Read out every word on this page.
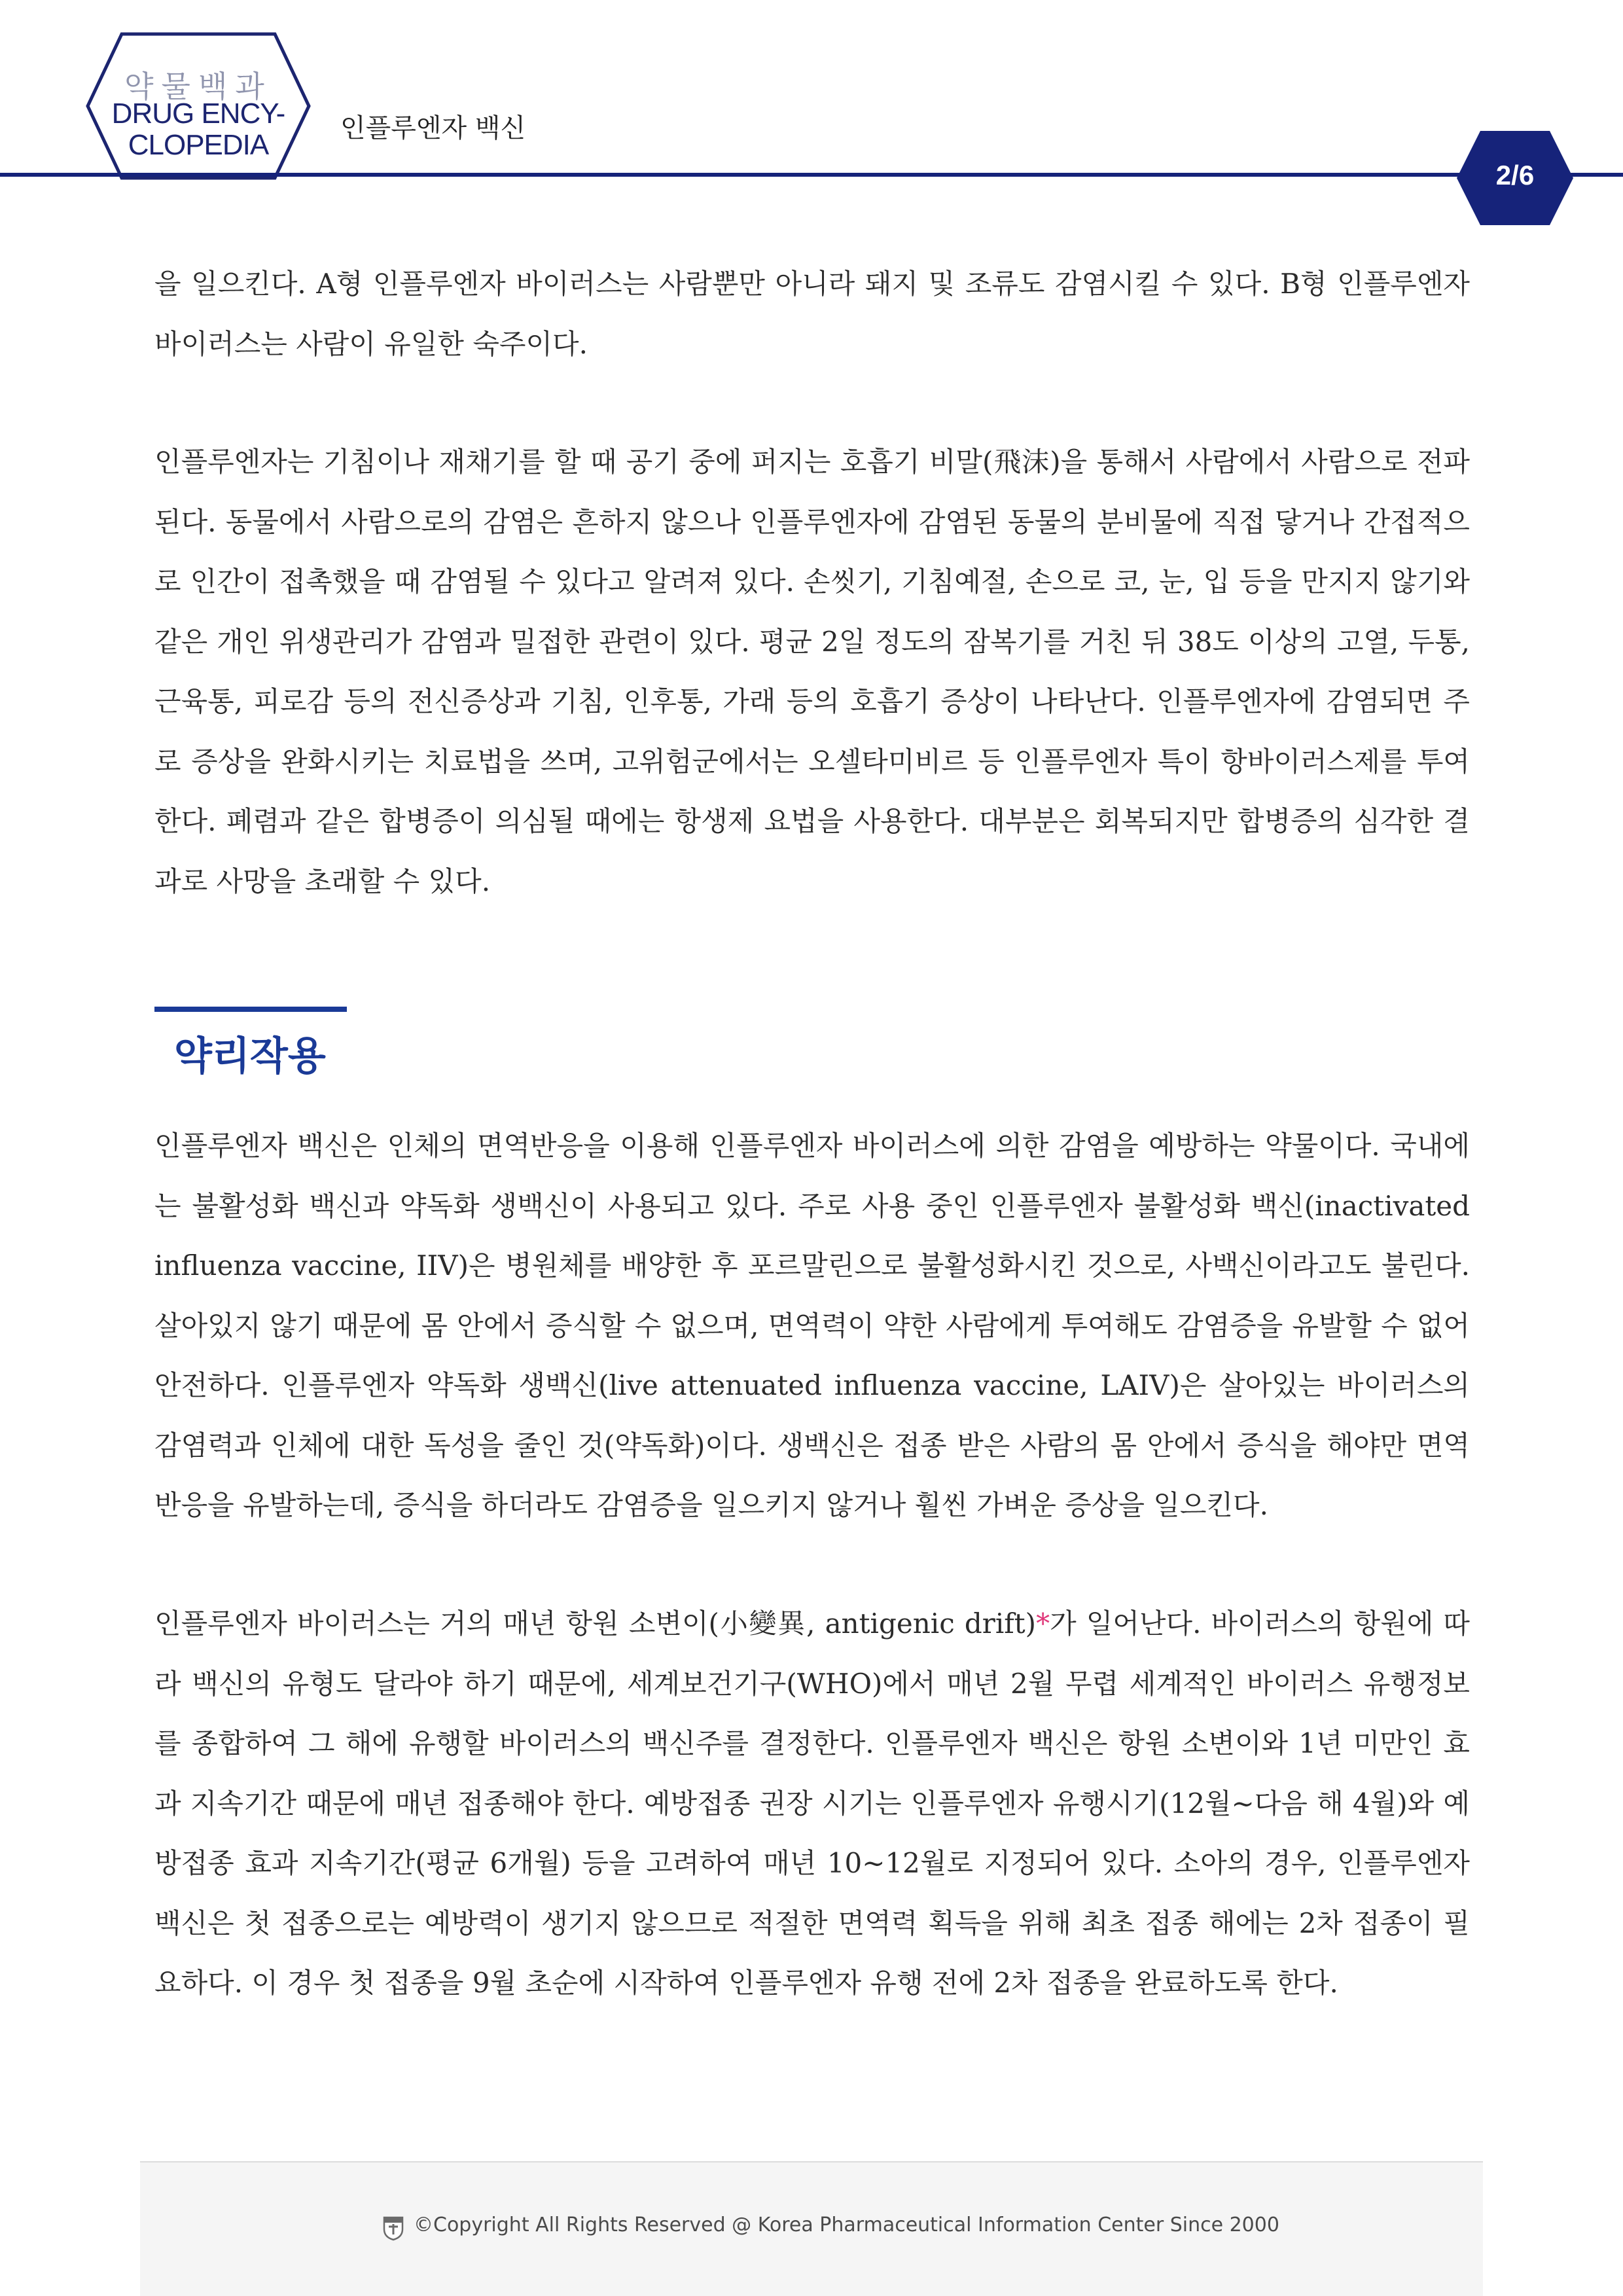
약물백과
DRUG ENCY-
CLOPEDIA
인플루엔자 백신
2/6

을 일으킨다. A형 인플루엔자 바이러스는 사람뿐만 아니라 돼지 및 조류도 감염시킬 수 있다. B형 인플루엔자 바이러스는 사람이 유일한 숙주이다.

인플루엔자는 기침이나 재채기를 할 때 공기 중에 퍼지는 호흡기 비말(飛沫)을 통해서 사람에서 사람으로 전파된다. 동물에서 사람으로의 감염은 흔하지 않으나 인플루엔자에 감염된 동물의 분비물에 직접 닿거나 간접적으로 인간이 접촉했을 때 감염될 수 있다고 알려져 있다. 손씻기, 기침예절, 손으로 코, 눈, 입 등을 만지지 않기와 같은 개인 위생관리가 감염과 밀접한 관련이 있다. 평균 2일 정도의 잠복기를 거친 뒤 38도 이상의 고열, 두통, 근육통, 피로감 등의 전신증상과 기침, 인후통, 가래 등의 호흡기 증상이 나타난다. 인플루엔자에 감염되면 주로 증상을 완화시키는 치료법을 쓰며, 고위험군에서는 오셀타미비르 등 인플루엔자 특이 항바이러스제를 투여한다. 폐렴과 같은 합병증이 의심될 때에는 항생제 요법을 사용한다. 대부분은 회복되지만 합병증의 심각한 결과로 사망을 초래할 수 있다.

약리작용

인플루엔자 백신은 인체의 면역반응을 이용해 인플루엔자 바이러스에 의한 감염을 예방하는 약물이다. 국내에는 불활성화 백신과 약독화 생백신이 사용되고 있다. 주로 사용 중인 인플루엔자 불활성화 백신(inactivated influenza vaccine, IIV)은 병원체를 배양한 후 포르말린으로 불활성화시킨 것으로, 사백신이라고도 불린다. 살아있지 않기 때문에 몸 안에서 증식할 수 없으며, 면역력이 약한 사람에게 투여해도 감염증을 유발할 수 없어 안전하다. 인플루엔자 약독화 생백신(live attenuated influenza vaccine, LAIV)은 살아있는 바이러스의 감염력과 인체에 대한 독성을 줄인 것(약독화)이다. 생백신은 접종 받은 사람의 몸 안에서 증식을 해야만 면역반응을 유발하는데, 증식을 하더라도 감염증을 일으키지 않거나 훨씬 가벼운 증상을 일으킨다.

인플루엔자 바이러스는 거의 매년 항원 소변이(小變異, antigenic drift)*가 일어난다. 바이러스의 항원에 따라 백신의 유형도 달라야 하기 때문에, 세계보건기구(WHO)에서 매년 2월 무렵 세계적인 바이러스 유행정보를 종합하여 그 해에 유행할 바이러스의 백신주를 결정한다. 인플루엔자 백신은 항원 소변이와 1년 미만인 효과 지속기간 때문에 매년 접종해야 한다. 예방접종 권장 시기는 인플루엔자 유행시기(12월~다음 해 4월)와 예방접종 효과 지속기간(평균 6개월) 등을 고려하여 매년 10~12월로 지정되어 있다. 소아의 경우, 인플루엔자 백신은 첫 접종으로는 예방력이 생기지 않으므로 적절한 면역력 획득을 위해 최초 접종 해에는 2차 접종이 필요하다. 이 경우 첫 접종을 9월 초순에 시작하여 인플루엔자 유행 전에 2차 접종을 완료하도록 한다.

©Copyright All Rights Reserved @ Korea Pharmaceutical Information Center Since 2000
